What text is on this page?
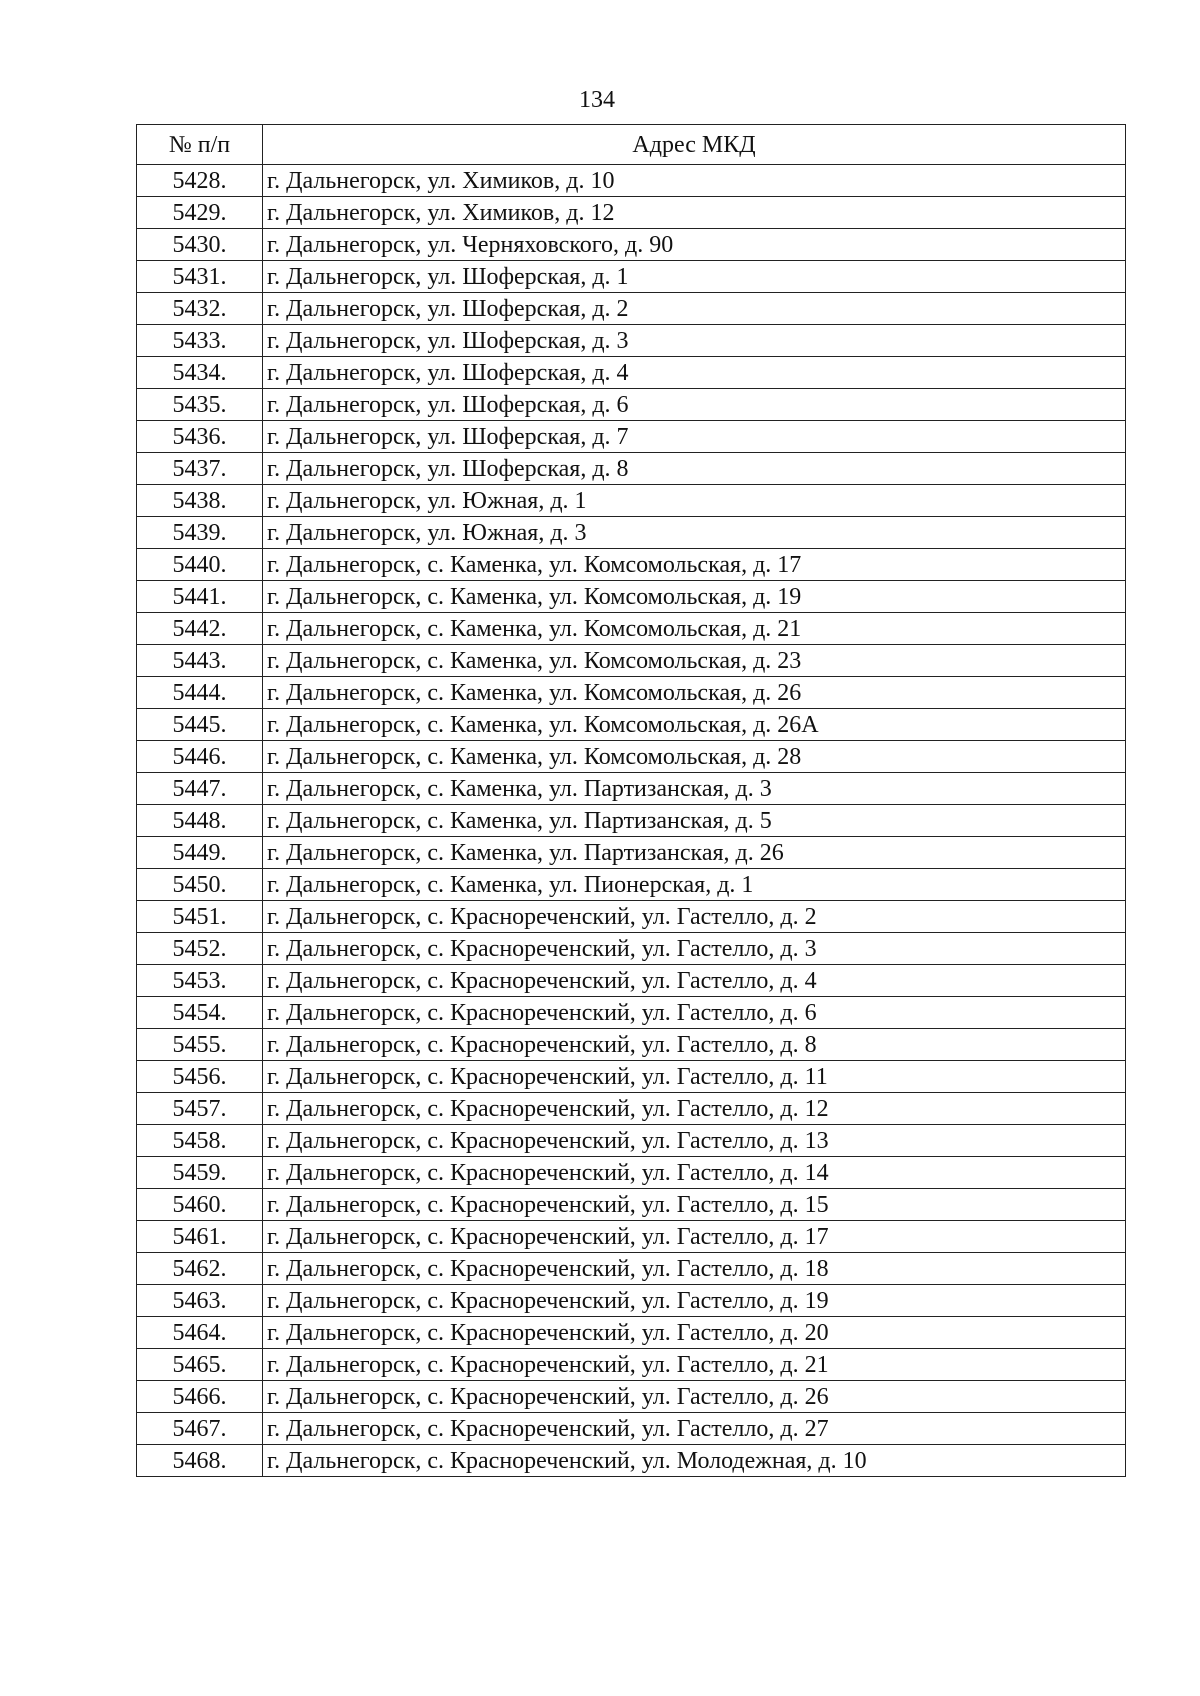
134
№ п/п	Адрес МКД
5428.	г. Дальнегорск, ул. Химиков, д. 10
5429.	г. Дальнегорск, ул. Химиков, д. 12
5430.	г. Дальнегорск, ул. Черняховского, д. 90
5431.	г. Дальнегорск, ул. Шоферская, д. 1
5432.	г. Дальнегорск, ул. Шоферская, д. 2
5433.	г. Дальнегорск, ул. Шоферская, д. 3
5434.	г. Дальнегорск, ул. Шоферская, д. 4
5435.	г. Дальнегорск, ул. Шоферская, д. 6
5436.	г. Дальнегорск, ул. Шоферская, д. 7
5437.	г. Дальнегорск, ул. Шоферская, д. 8
5438.	г. Дальнегорск, ул. Южная, д. 1
5439.	г. Дальнегорск, ул. Южная, д. 3
5440.	г. Дальнегорск, с. Каменка, ул. Комсомольская, д. 17
5441.	г. Дальнегорск, с. Каменка, ул. Комсомольская, д. 19
5442.	г. Дальнегорск, с. Каменка, ул. Комсомольская, д. 21
5443.	г. Дальнегорск, с. Каменка, ул. Комсомольская, д. 23
5444.	г. Дальнегорск, с. Каменка, ул. Комсомольская, д. 26
5445.	г. Дальнегорск, с. Каменка, ул. Комсомольская, д. 26А
5446.	г. Дальнегорск, с. Каменка, ул. Комсомольская, д. 28
5447.	г. Дальнегорск, с. Каменка, ул. Партизанская, д. 3
5448.	г. Дальнегорск, с. Каменка, ул. Партизанская, д. 5
5449.	г. Дальнегорск, с. Каменка, ул. Партизанская, д. 26
5450.	г. Дальнегорск, с. Каменка, ул. Пионерская, д. 1
5451.	г. Дальнегорск, с. Краснореченский, ул. Гастелло, д. 2
5452.	г. Дальнегорск, с. Краснореченский, ул. Гастелло, д. 3
5453.	г. Дальнегорск, с. Краснореченский, ул. Гастелло, д. 4
5454.	г. Дальнегорск, с. Краснореченский, ул. Гастелло, д. 6
5455.	г. Дальнегорск, с. Краснореченский, ул. Гастелло, д. 8
5456.	г. Дальнегорск, с. Краснореченский, ул. Гастелло, д. 11
5457.	г. Дальнегорск, с. Краснореченский, ул. Гастелло, д. 12
5458.	г. Дальнегорск, с. Краснореченский, ул. Гастелло, д. 13
5459.	г. Дальнегорск, с. Краснореченский, ул. Гастелло, д. 14
5460.	г. Дальнегорск, с. Краснореченский, ул. Гастелло, д. 15
5461.	г. Дальнегорск, с. Краснореченский, ул. Гастелло, д. 17
5462.	г. Дальнегорск, с. Краснореченский, ул. Гастелло, д. 18
5463.	г. Дальнегорск, с. Краснореченский, ул. Гастелло, д. 19
5464.	г. Дальнегорск, с. Краснореченский, ул. Гастелло, д. 20
5465.	г. Дальнегорск, с. Краснореченский, ул. Гастелло, д. 21
5466.	г. Дальнегорск, с. Краснореченский, ул. Гастелло, д. 26
5467.	г. Дальнегорск, с. Краснореченский, ул. Гастелло, д. 27
5468.	г. Дальнегорск, с. Краснореченский, ул. Молодежная, д. 10
